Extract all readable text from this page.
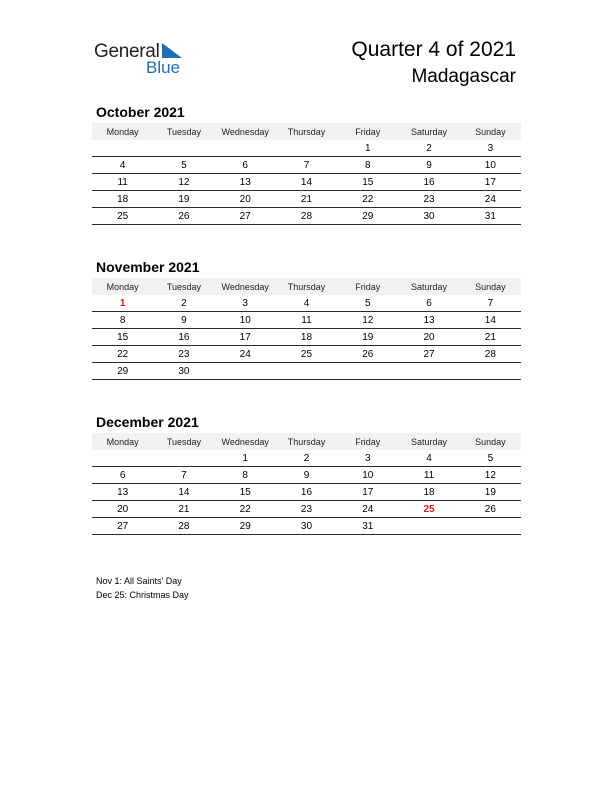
General
Blue
Quarter 4 of 2021
Madagascar
October 2021
Monday	Tuesday	Wednesday	Thursday	Friday	Saturday	Sunday
				1	2	3
4	5	6	7	8	9	10
11	12	13	14	15	16	17
18	19	20	21	22	23	24
25	26	27	28	29	30	31
November 2021
Monday	Tuesday	Wednesday	Thursday	Friday	Saturday	Sunday
1	2	3	4	5	6	7
8	9	10	11	12	13	14
15	16	17	18	19	20	21
22	23	24	25	26	27	28
29	30					
December 2021
Monday	Tuesday	Wednesday	Thursday	Friday	Saturday	Sunday
		1	2	3	4	5
6	7	8	9	10	11	12
13	14	15	16	17	18	19
20	21	22	23	24	25	26
27	28	29	30	31		
Nov 1: All Saints’ Day
Dec 25: Christmas Day
